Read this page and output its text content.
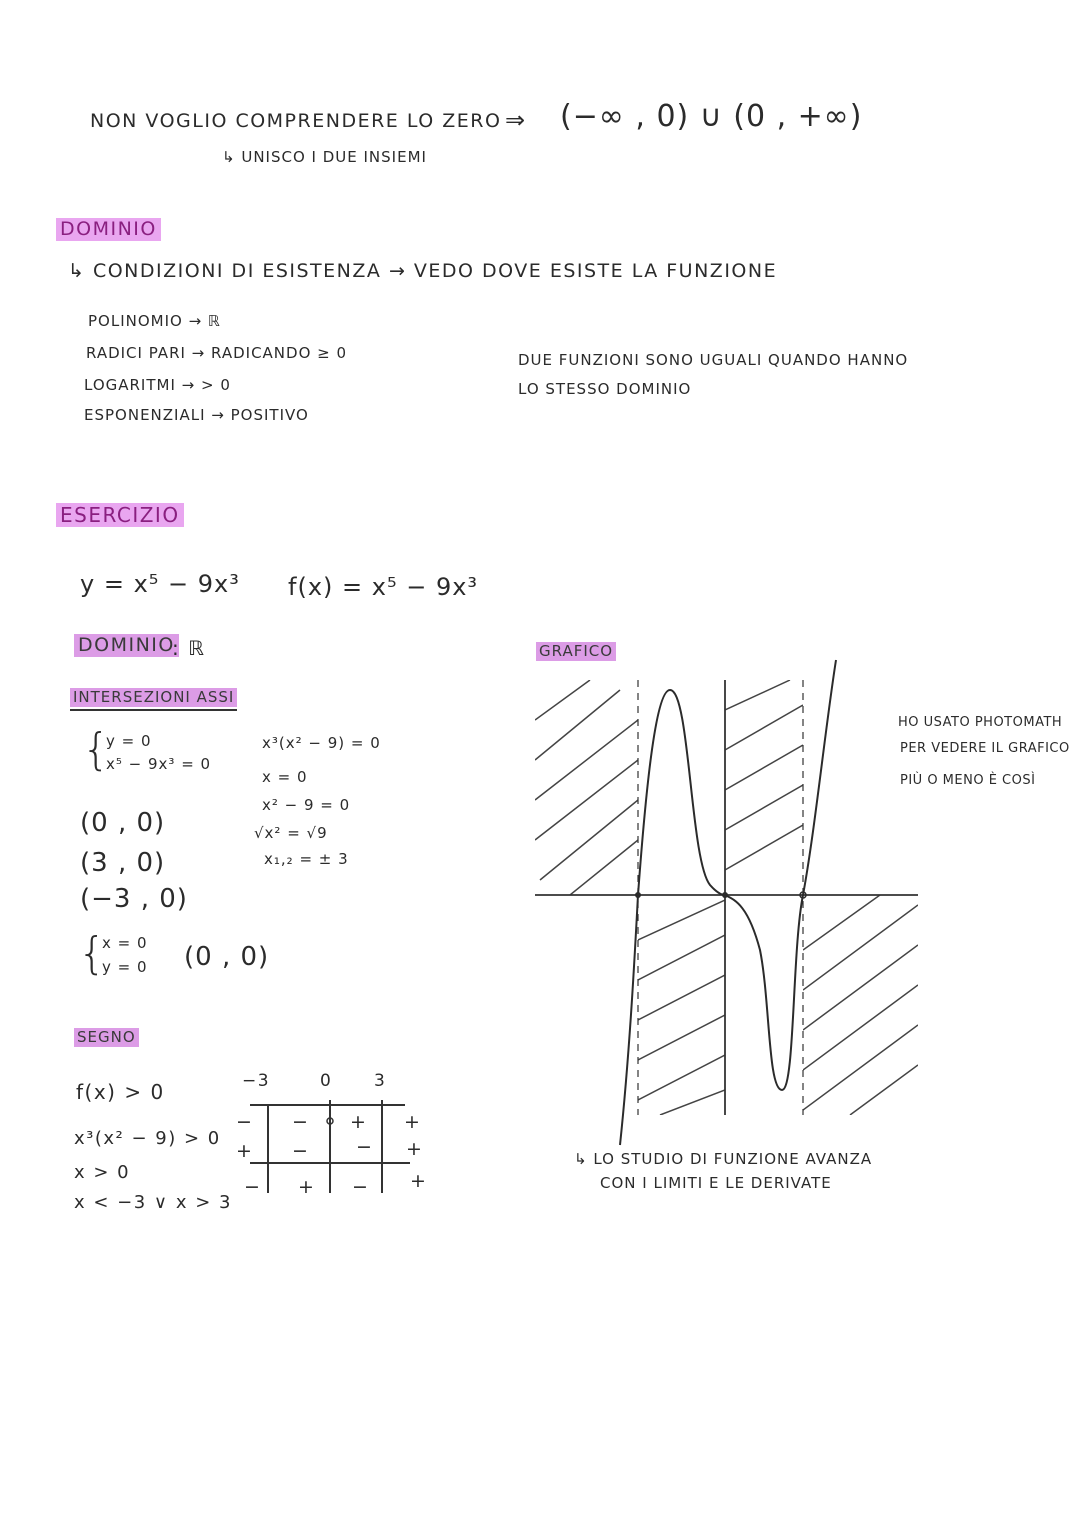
NON VOGLIO COMPRENDERE LO ZERO ⇒ (−∞ , 0) ∪ (0 , +∞)
↳ UNISCO I DUE INSIEMI
DOMINIO
↳ CONDIZIONI DI ESISTENZA → VEDO DOVE ESISTE LA FUNZIONE
POLINOMIO → ℝ
RADICI PARI → RADICANDO ≥ 0
LOGARITMI → > 0
ESPONENZIALI → POSITIVO
DUE FUNZIONI SONO UGUALI QUANDO HANNO
LO STESSO DOMINIO
ESERCIZIO
y = x⁵ − 9x³ f(x) = x⁵ − 9x³
DOMINIO
: ℝ
INTERSEZIONI ASSI
{
y = 0
x⁵ − 9x³ = 0
x³(x² − 9) = 0
x = 0
x² − 9 = 0
√x² = √9
x₁,₂ = ± 3
(0 , 0)
(3 , 0)
(−3 , 0)
{
x = 0
y = 0 (0 , 0)
SEGNO
f(x) > 0
x³(x² − 9) > 0
x > 0
x < −3 ∨ x > 3
−3	0 3
− − + +
+ − − +
− + − +
GRAFICO
HO USATO PHOTOMATH
PER VEDERE IL GRAFICO
PIÙ O MENO È COSÌ
↳ LO STUDIO DI FUNZIONE AVANZA
CON I LIMITI E LE DERIVATE
